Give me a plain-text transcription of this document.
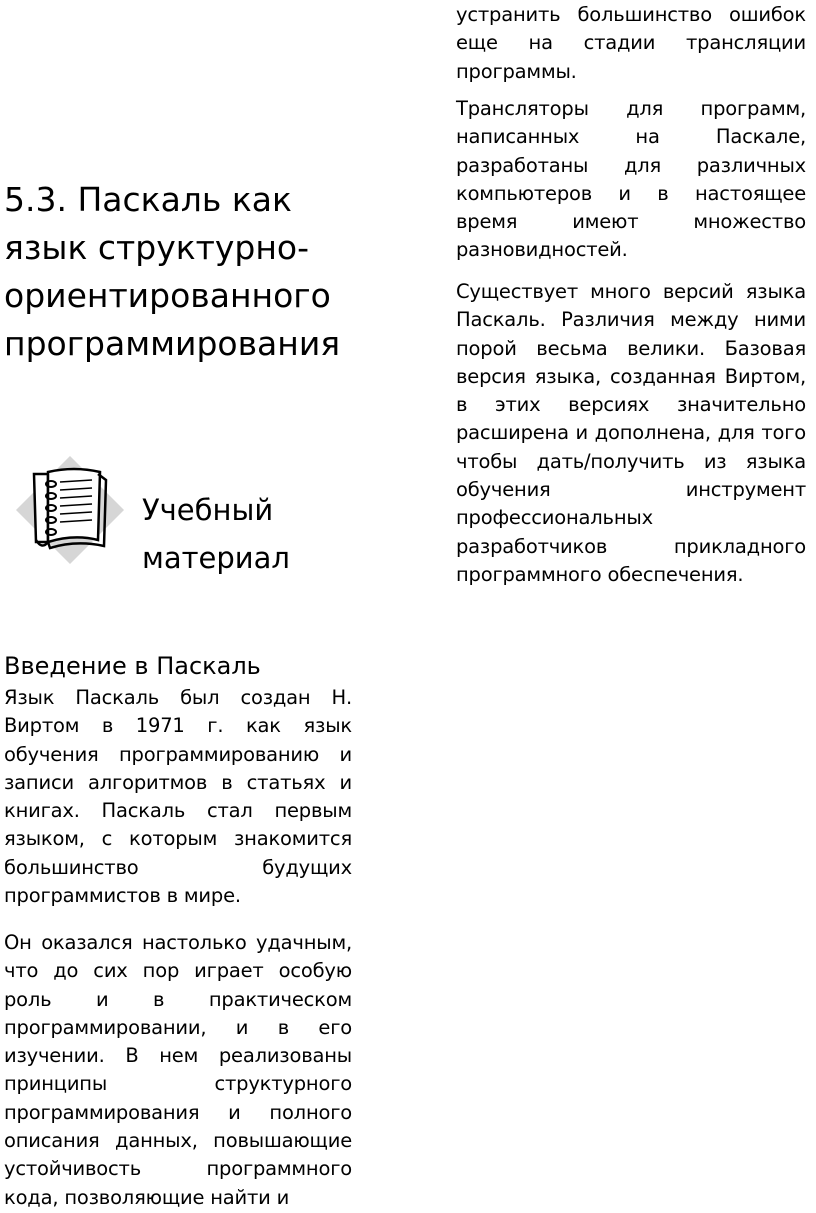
5.3. Паскаль как
язык структурно-
ориентированного
программирования
Учебный
материал
Введение в Паскаль

Язык Паскаль был создан Н. Виртом в 1971 г. как язык обучения программированию и записи алгоритмов в статьях и книгах. Паскаль стал первым языком, с которым знакомится большинство будущих программистов в мире.

Он оказался настолько удачным, что до сих пор играет особую роль и в практическом программировании, и в его изучении. В нем реализованы принципы структурного программирования и полного описания данных, повышающие устойчивость программного кода, позволяющие найти и

устранить большинство ошибок еще на стадии трансляции программы.

Трансляторы для программ, написанных на Паскале, разработаны для различных компьютеров и в настоящее время имеют множество разновидностей.

Существует много версий языка Паскаль. Различия между ними порой весьма велики. Базовая версия языка, созданная Виртом, в этих версиях значительно расширена и дополнена, для того чтобы дать/получить из языка обучения инструмент профессиональных разработчиков прикладного программного обеспечения.
